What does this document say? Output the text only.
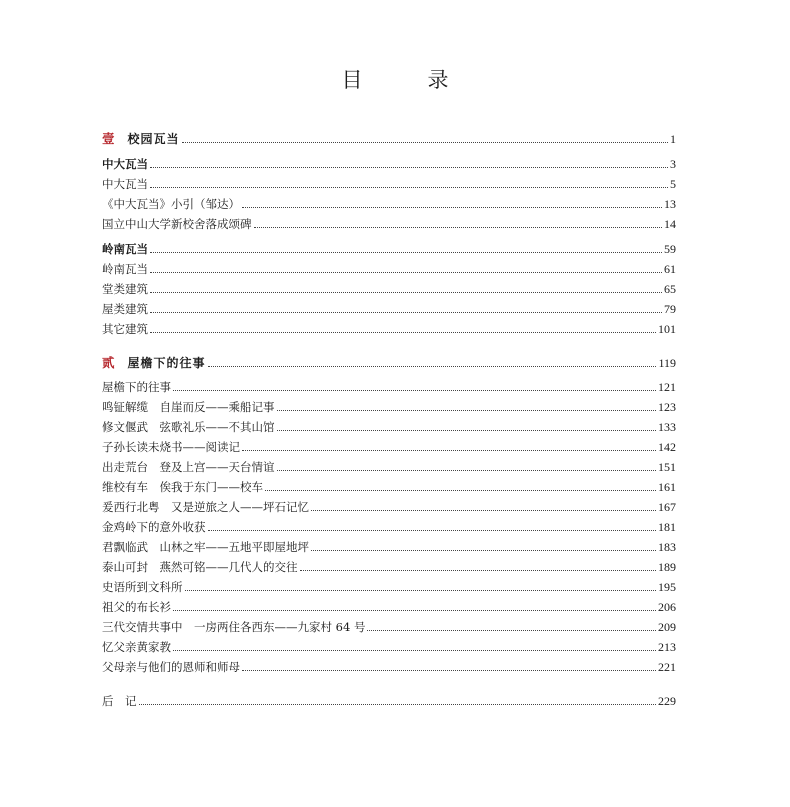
目　录
壹 校园瓦当	1
中大瓦当	3
中大瓦当	5
《中大瓦当》小引（邹达）	13
国立中山大学新校舍落成颂碑	14
岭南瓦当	59
岭南瓦当	61
堂类建筑	65
屋类建筑	79
其它建筑	101
贰 屋檐下的往事	119
屋檐下的往事	121
鸣钲解缆　自崖而反——乘船记事	123
修文偃武　弦歌礼乐——不其山馆	133
子孙长读未烧书——阅读记	142
出走荒台　登及上宫——天台情谊	151
维校有车　俟我于东门——校车	161
爰西行北粤　又是逆旅之人——坪石记忆	167
金鸡岭下的意外收获	181
君飘临武　山林之牢——五地平即屋地坪	183
泰山可封　燕然可铭——几代人的交往	189
史语所到文科所	195
祖父的布长衫	206
三代交情共事中　一房两住各西东——九家村 64 号	209
忆父亲黄家教	213
父母亲与他们的恩师和师母	221
后　记	229
